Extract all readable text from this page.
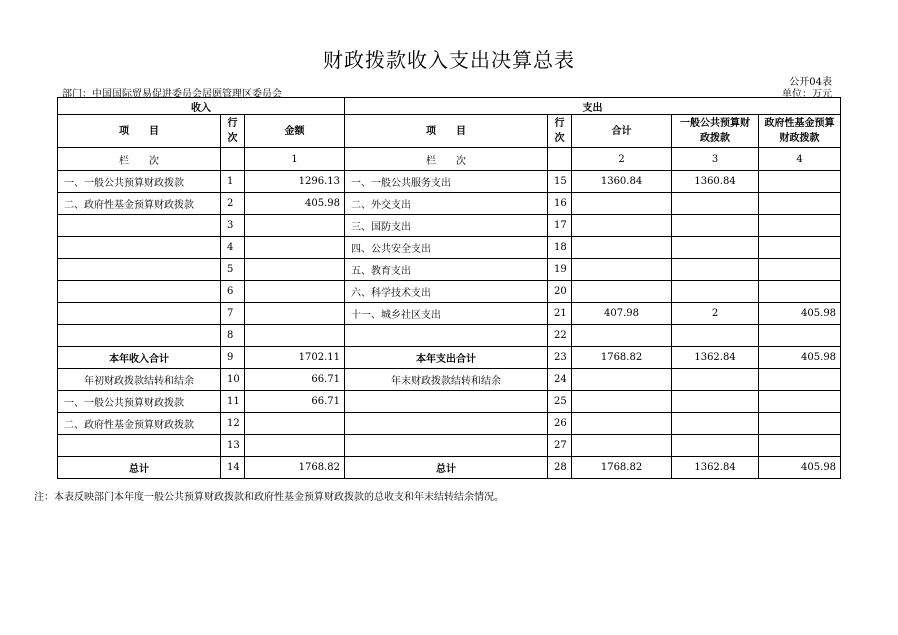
财政拨款收入支出决算总表
公开04表
部门：中国国际贸易促进委员会居愿管理区委员会	单位：万元
收入			支出				
项　　目	行次	金额	项　　目	行次	合计	一般公共预算财政拨款	政府性基金预算财政拨款
栏　　次		1	栏　　次		2	3	4
一、一般公共预算财政拨款	1	1296.13	一、一般公共服务支出	15	1360.84	1360.84	
二、政府性基金预算财政拨款	2	405.98	二、外交支出	16			
	3		三、国防支出	17			
	4		四、公共安全支出	18			
	5		五、教育支出	19			
	6		六、科学技术支出	20			
	7		十一、城乡社区支出	21	407.98	2	405.98
	8			22			
本年收入合计	9	1702.11	本年支出合计	23	1768.82	1362.84	405.98
年初财政拨款结转和结余	10	66.71	年末财政拨款结转和结余	24			
一、一般公共预算财政拨款	11	66.71		25			
二、政府性基金预算财政拨款	12			26			
	13			27			
总计	14	1768.82	总计	28	1768.82	1362.84	405.98
注：本表反映部门本年度一般公共预算财政拨款和政府性基金预算财政拨款的总收支和年末结转结余情况。
